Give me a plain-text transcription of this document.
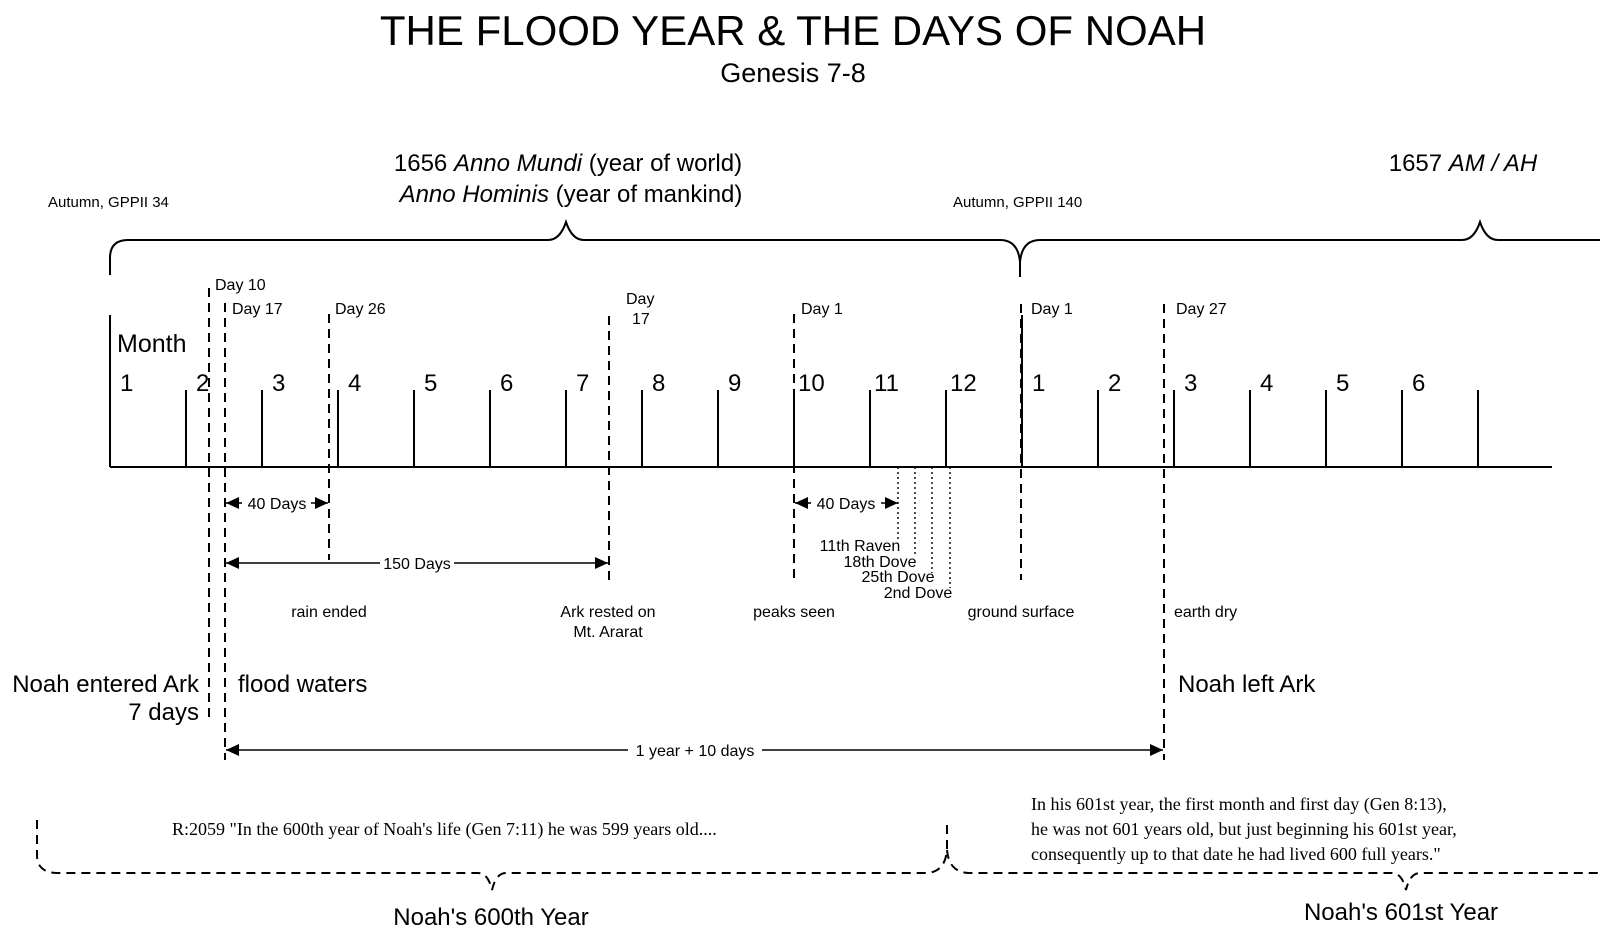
THE FLOOD YEAR & THE DAYS OF NOAH
Genesis 7-8
1656 Anno Mundi (year of world)
Anno Hominis (year of mankind)
1657 AM / AH
Autumn, GPPII 34	Autumn, GPPII 140
Month
1	2	3	4	5	6	7	8	9 10 11 12 1	2	3	4	5	6
Day 10
Day 17	Day 26
Day
17
Day 1	Day 1	Day 27
40 Days
150 Days
40 Days
1 year + 10 days
11th Raven
18th Dove
25th Dove
2nd Dove
rain ended	Ark rested on
Mt. Ararat
peaks seen	ground surface	earth dry
Noah entered Ark
7 days
flood waters	Noah left Ark
R:2059 "In the 600th year of Noah's life (Gen 7:11) he was 599 years old....
In his 601st year, the first month and first day (Gen 8:13),
he was not 601 years old, but just beginning his 601st year,
consequently up to that date he had lived 600 full years."
Noah's 600th Year	Noah's 601st Year
